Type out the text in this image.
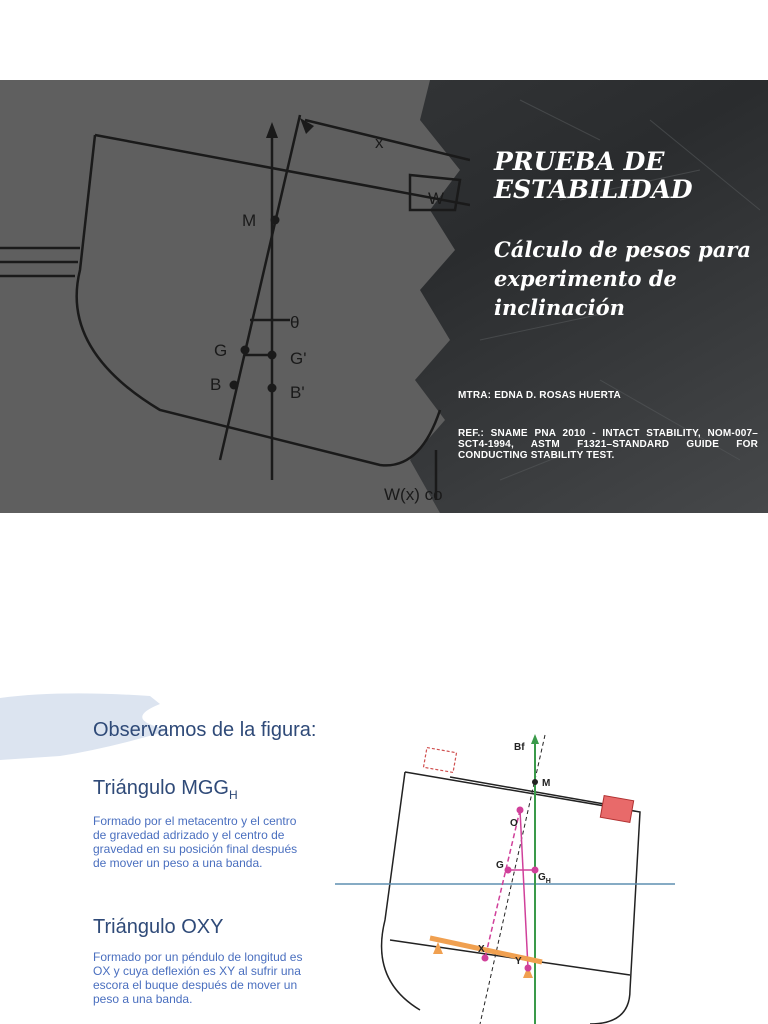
x
W
M
θ
G	G'
B	B'
W(x) co
PRUEBA DE ESTABILIDAD
Cálculo de pesos para experimento de inclinación
MTRA: EDNA D. ROSAS HUERTA
REF.: SNAME PNA 2010 - INTACT STABILITY, NOM-007–SCT4-1994, ASTM F1321–STANDARD GUIDE FOR CONDUCTING STABILITY TEST.
Observamos de la figura:
Triángulo $MGG_H$
Formado por el metacentro y el centro de gravedad adrizado y el centro de gravedad en su posición final después de mover un peso a una banda.
Triángulo OXY
Formado por un péndulo de longitud es OX y cuya deflexión es XY al sufrir una escora el buque después de mover un peso a una banda.
Bf
M
O
G
$G_H$
X
Y
